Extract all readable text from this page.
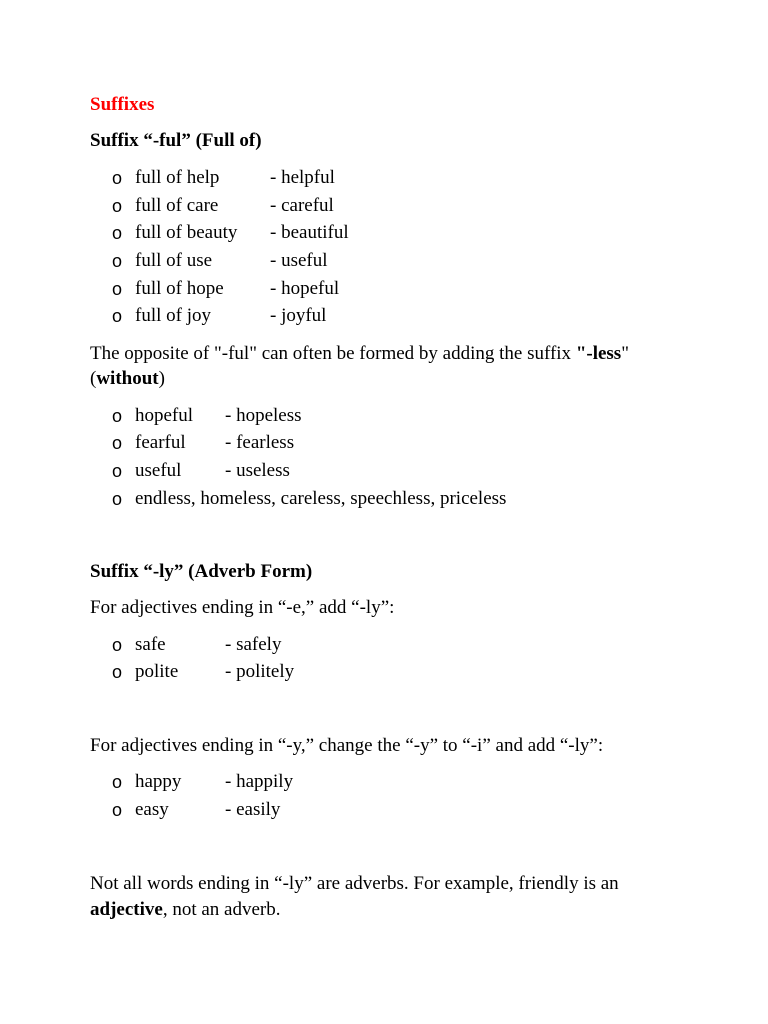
Suffixes
Suffix “-ful” (Full of)
o full of help	- helpful
o full of care	- careful
o full of beauty - beautiful
o full of use	- useful
o full of hope - hopeful
o full of joy	- joyful
The opposite of "-ful" can often be formed by adding the suffix "-less"
(without)
o hopeful - hopeless
o fearful - fearless
o useful - useless
o endless, homeless, careless, speechless, priceless
Suffix “-ly” (Adverb Form)
For adjectives ending in “-e,” add “-ly”:
o safe	- safely
o polite - politely
For adjectives ending in “-y,” change the “-y” to “-i” and add “-ly”:
o happy - happily
o easy	- easily
Not all words ending in “-ly” are adverbs. For example, friendly is an
adjective, not an adverb.
